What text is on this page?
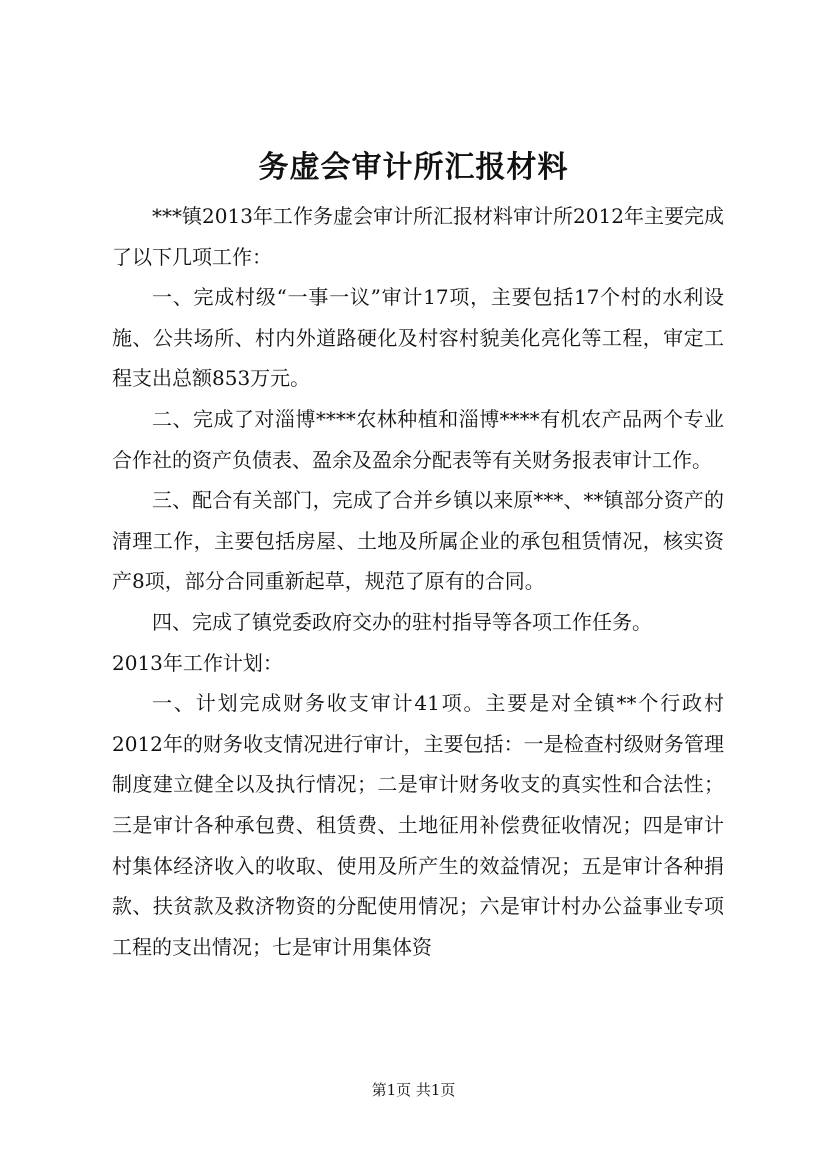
务虚会审计所汇报材料

***镇2013年工作务虚会审计所汇报材料审计所2012年主要完成了以下几项工作：

一、完成村级“一事一议”审计17项，主要包括17个村的水利设施、公共场所、村内外道路硬化及村容村貌美化亮化等工程，审定工程支出总额853万元。

二、完成了对淄博****农林种植和淄博****有机农产品两个专业合作社的资产负债表、盈余及盈余分配表等有关财务报表审计工作。

三、配合有关部门，完成了合并乡镇以来原***、**镇部分资产的清理工作，主要包括房屋、土地及所属企业的承包租赁情况，核实资产8项，部分合同重新起草，规范了原有的合同。

四、完成了镇党委政府交办的驻村指导等各项工作任务。

2013年工作计划：

一、计划完成财务收支审计41项。主要是对全镇**个行政村2012年的财务收支情况进行审计，主要包括：一是检查村级财务管理制度建立健全以及执行情况；二是审计财务收支的真实性和合法性；三是审计各种承包费、租赁费、土地征用补偿费征收情况；四是审计村集体经济收入的收取、使用及所产生的效益情况；五是审计各种捐款、扶贫款及救济物资的分配使用情况；六是审计村办公益事业专项工程的支出情况；七是审计用集体资

第1页 共1页
